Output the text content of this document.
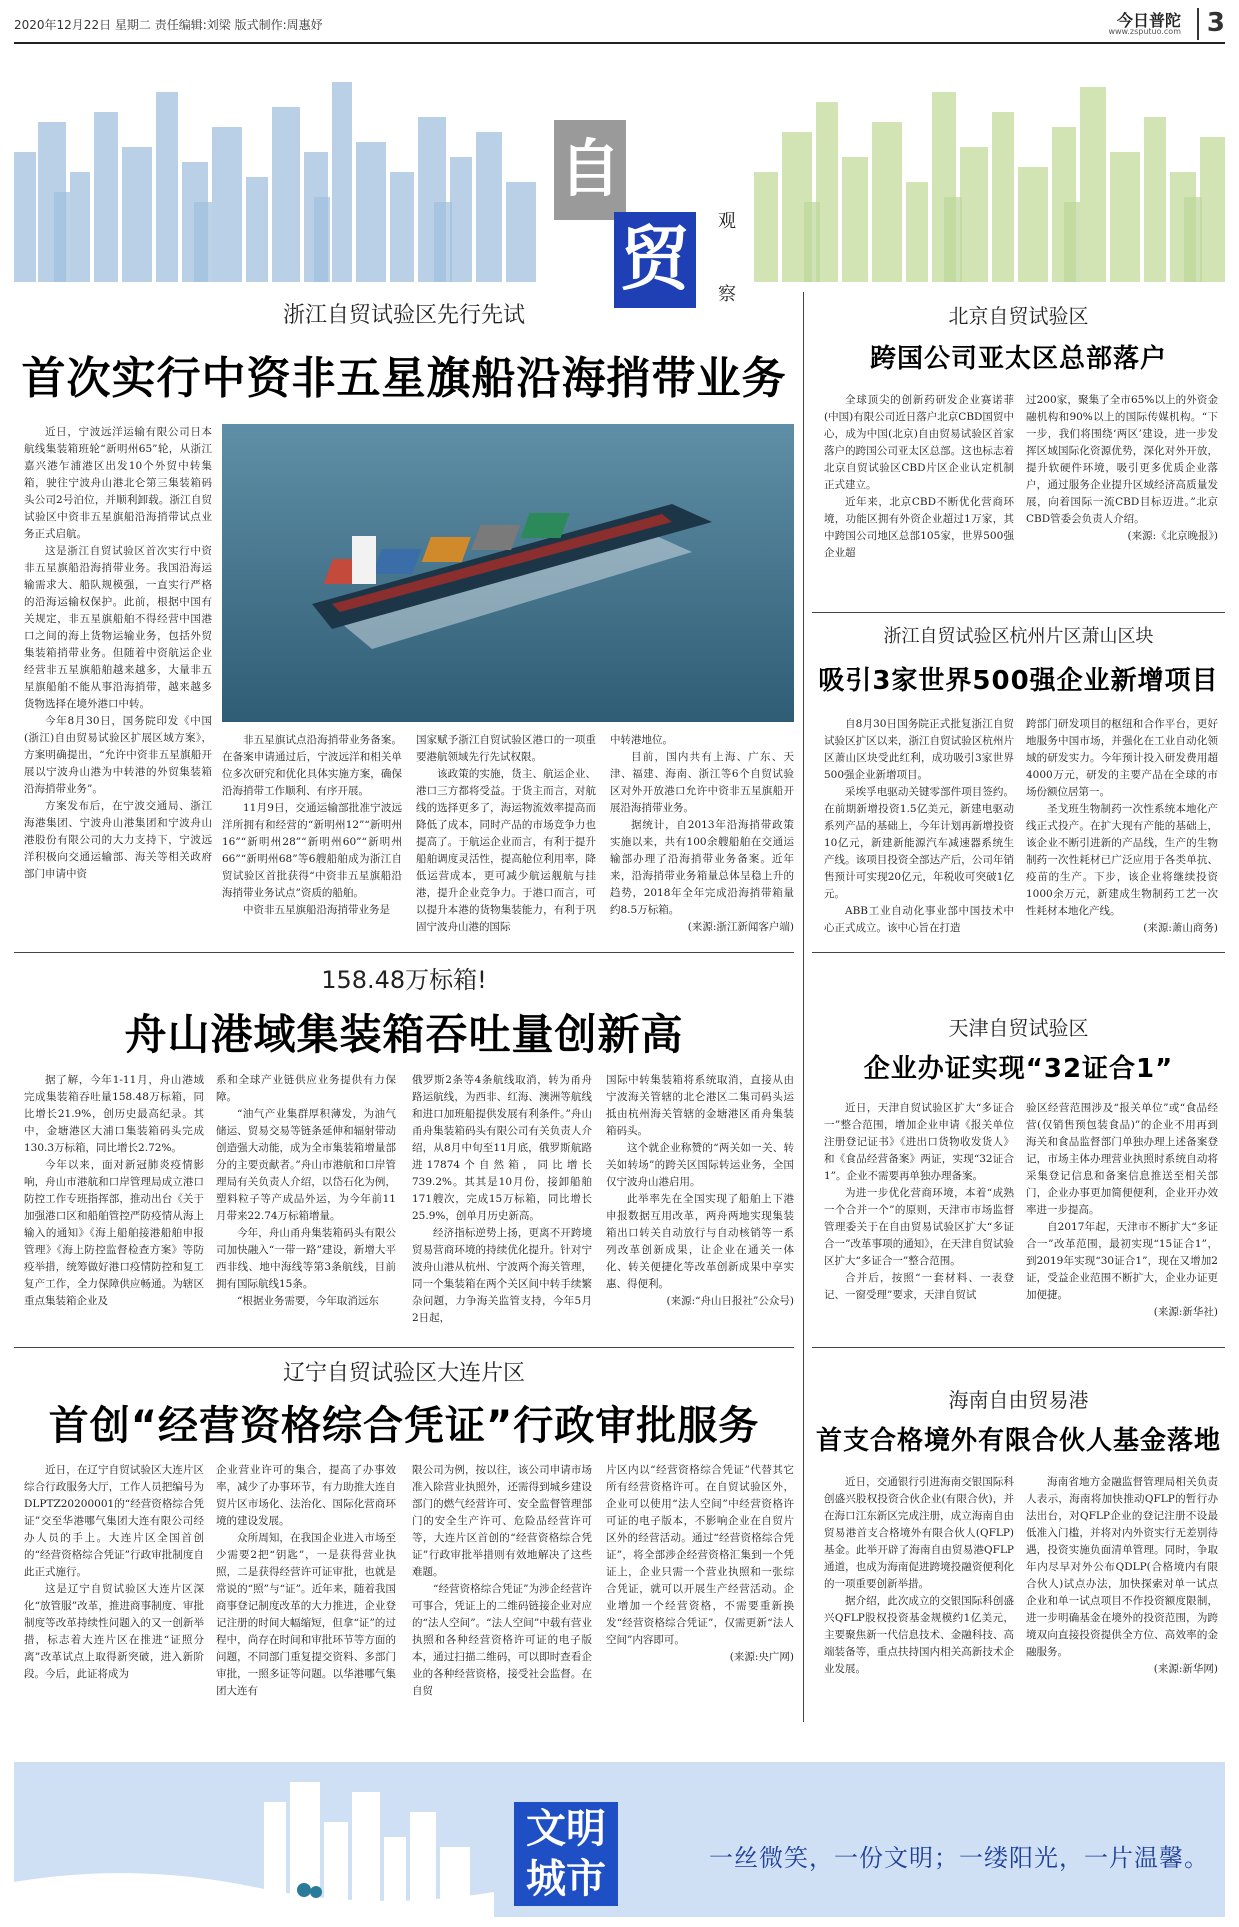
2020年12月22日 星期二 责任编辑:刘梁 版式制作:周惠妤	今日普陀
www.zsputuo.com 3
自
贸	观
察
浙江自贸试验区先行先试
首次实行中资非五星旗船沿海捎带业务

近日，宁波远洋运输有限公司日本航线集装箱班轮“新明州65”轮，从浙江嘉兴港乍浦港区出发10个外贸中转集箱，驶往宁波舟山港北仑第三集装箱码头公司2号泊位，并顺利卸载。浙江自贸试验区中资非五星旗船沿海捎带试点业务正式启航。

这是浙江自贸试验区首次实行中资非五星旗船沿海捎带业务。我国沿海运输需求大、船队规模强，一直实行严格的沿海运输权保护。此前，根据中国有关规定，非五星旗船舶不得经营中国港口之间的海上货物运输业务，包括外贸集装箱捎带业务。但随着中资航运企业经营非五星旗船舶越来越多，大量非五星旗船舶不能从事沿海捎带，越来越多货物选择在境外港口中转。

今年8月30日，国务院印发《中国(浙江)自由贸易试验区扩展区域方案》，方案明确提出，“允许中资非五星旗船开展以宁波舟山港为中转港的外贸集装箱沿海捎带业务”。

方案发布后，在宁波交通局、浙江海港集团、宁波舟山港集团和宁波舟山港股份有限公司的大力支持下，宁波远洋积极向交通运输部、海关等相关政府部门申请中资

非五星旗试点沿海捎带业务备案。在备案申请通过后，宁波远洋和相关单位多次研究和优化具体实施方案，确保沿海捎带工作顺利、有序开展。

11月9日，交通运输部批准宁波远洋所拥有和经营的“新明州12”“新明州16”“新明州28”“新明州60”“新明州66”“新明州68”等6艘船舶成为浙江自贸试验区首批获得“中资非五星旗船沿海捎带业务试点”资质的船舶。

中资非五星旗船沿海捎带业务是

国家赋予浙江自贸试验区港口的一项重要港航领域先行先试权限。

该政策的实施，货主、航运企业、港口三方都将受益。于货主而言，对航线的选择更多了，海运物流效率提高而降低了成本，同时产品的市场竞争力也提高了。于航运企业而言，有利于提升船舶调度灵活性，提高舱位利用率，降低运营成本，更可减少航运舰航与挂港，提升企业竞争力。于港口而言，可以提升本港的货物集装能力，有利于巩固宁波舟山港的国际

中转港地位。

目前，国内共有上海、广东、天津、福建、海南、浙江等6个自贸试验区对外开放港口允许中资非五星旗船开展沿海捎带业务。

据统计，自2013年沿海捎带政策实施以来，共有100余艘船舶在交通运输部办理了沿海捎带业务备案。近年来，沿海捎带业务箱量总体呈稳上升的趋势，2018年全年完成沿海捎带箱量约8.5万标箱。

(来源:浙江新闻客户端)

北京自贸试验区
跨国公司亚太区总部落户

全球顶尖的创新药研发企业赛诺菲(中国)有限公司近日落户北京CBD国贸中心，成为中国(北京)自由贸易试验区首家落户的跨国公司亚太区总部。这也标志着北京自贸试验区CBD片区企业认定机制正式建立。

近年来，北京CBD不断优化营商环境，功能区拥有外资企业超过1万家，其中跨国公司地区总部105家，世界500强企业超

过200家，聚集了全市65%以上的外资金融机构和90%以上的国际传媒机构。“下一步，我们将围绕‘两区’建设，进一步发挥区域国际化资源优势，深化对外开放，提升软硬件环境，吸引更多优质企业落户，通过服务企业提升区域经济高质量发展，向着国际一流CBD目标迈进。”北京CBD管委会负责人介绍。

(来源:《北京晚报》)

浙江自贸试验区杭州片区萧山区块
吸引3家世界500强企业新增项目

自8月30日国务院正式批复浙江自贸试验区扩区以来，浙江自贸试验区杭州片区萧山区块受此红利，成功吸引3家世界500强企业新增项目。

采埃孚电驱动关键零部件项目签约。在前期新增投资1.5亿美元，新建电驱动系列产品的基础上，今年计划再新增投资10亿元，新建新能源汽车减速器系统生产线。该项目投资全部达产后，公司年销售预计可实现20亿元，年税收可突破1亿元。

ABB工业自动化事业部中国技术中心正式成立。该中心旨在打造

跨部门研发项目的枢纽和合作平台，更好地服务中国市场，并强化在工业自动化领域的研发实力。今年预计投入研发费用超4000万元，研发的主要产品在全球的市场份额位居第一。

圣戈班生物制药一次性系统本地化产线正式投产。在扩大现有产能的基础上，该企业不断引进新的产品线，生产的生物制药一次性耗材已广泛应用于各类单抗、疫苗的生产。下步，该企业将继续投资1000余万元，新建成生物制药工艺一次性耗材本地化产线。

(来源:萧山商务)

158.48万标箱!
舟山港域集装箱吞吐量创新高

据了解，今年1-11月，舟山港域完成集装箱吞吐量158.48万标箱，同比增长21.9%，创历史最高纪录。其中，金塘港区大浦口集装箱码头完成130.3万标箱，同比增长2.72%。

今年以来，面对新冠肺炎疫情影响，舟山市港航和口岸管理局成立港口防控工作专班指挥部，推动出台《关于加强港口区和船舶管控严防疫情从海上输入的通知》《海上船舶接港船舶申报管理》《海上防控监督检查方案》等防疫举措，统筹做好港口疫情防控和复工复产工作，全力保障供应畅通。为辖区重点集装箱企业及

系和全球产业链供应业务提供有力保障。

“油气产业集群厚积薄发，为油气储运、贸易交易等链条延伸和辐射带动创造强大动能，成为全市集装箱增量部分的主要贡献者。”舟山市港航和口岸管理局有关负责人介绍，以岱石化为例，塑料粒子等产成品外运，为今年前11月带来22.74万标箱增量。

今年，舟山甬舟集装箱码头有限公司加快融入“一带一路”建设，新增大平西非线、地中海线等第3条航线，目前拥有国际航线15条。

“根据业务需要，今年取消远东

俄罗斯2条等4条航线取消，转为甬舟路运航线，为西非、红海、澳洲等航线和进口加班船提供发展有利条件。”舟山甬舟集装箱码头有限公司有关负责人介绍，从8月中旬至11月底，俄罗斯航路进17874个自然箱，同比增长739.2%。其其是10月份，接卸船舶171艘次，完成15万标箱，同比增长25.9%，创单月历史新高。

经济指标逆势上扬，更离不开跨境贸易营商环境的持续优化提升。针对宁波舟山港从杭州、宁波两个海关管理，同一个集装箱在两个关区间中转手续繁杂问题，力争海关监管支持，今年5月2日起，

国际中转集装箱将系统取消，直接从由宁波海关管辖的北仑港区二集司码头运抵由杭州海关管辖的金塘港区甬舟集装箱码头。

这个就企业称赞的“两关如一关、转关如转场”的跨关区国际转运业务，全国仅宁波舟山港启用。

此举率先在全国实现了船舶上下港申报数据互用改革，两舟两地实现集装箱出口转关自动放行与自动核销等一系列改革创新成果，让企业在通关一体化、转关便捷化等改革创新成果中享实惠、得便利。

(来源:“舟山日报社”公众号)

天津自贸试验区
企业办证实现“32证合1”

近日，天津自贸试验区扩大“多证合一”整合范围，增加企业申请《报关单位注册登记证书》《进出口货物收发货人》和《食品经营备案》两证，实现“32证合1”。企业不需要再单独办理备案。

为进一步优化营商环境，本着“成熟一个合并一个”的原则，天津市市场监督管理委关于在自由贸易试验区扩大“多证合一”改革事项的通知》，在天津自贸试验区扩大“多证合一”整合范围。

合并后，按照“一套材料、一表登记、一窗受理”要求，天津自贸试

验区经营范围涉及“报关单位”或“食品经营(仅销售预包装食品)”的企业不用再到海关和食品监督部门单独办理上述备案登记，市场主体办理营业执照时系统自动将采集登记信息和备案信息推送至相关部门，企业办事更加简便便利，企业开办效率进一步提高。

自2017年起，天津市不断扩大“多证合一”改革范围，最初实现“15证合1”，到2019年实现“30证合1”，现在又增加2证，受益企业范围不断扩大，企业办证更加便捷。

(来源:新华社)

辽宁自贸试验区大连片区
首创“经营资格综合凭证”行政审批服务

近日，在辽宁自贸试验区大连片区综合行政服务大厅，工作人员把编号为DLPTZ20200001的“经营资格综合凭证”交至华港哪气集团大连有限公司经办人员的手上。大连片区全国首创的“经营资格综合凭证”行政审批制度自此正式施行。

这是辽宁自贸试验区大连片区深化“放管服”改革，推进商事制度、审批制度等改革持续性问题入的又一创新举措，标志着大连片区在推进“证照分离”改革试点上取得新突破，进入新阶段。今后，此证将成为

企业营业许可的集合，提高了办事效率，减少了办事环节，有力助推大连自贸片区市场化、法治化、国际化营商环境的建设发展。

众所周知，在我国企业进入市场至少需要2把“钥匙”，一是获得营业执照，二是获得经营许可证审批，也就是常说的“照”与“证”。近年来，随着我国商事登记制度改革的大力推进，企业登记注册的时间大幅缩短，但拿“证”的过程中，尚存在时间和审批环节等方面的问题，不同部门重复提交资料、多部门审批，一照多证等问题。以华港哪气集团大连有

限公司为例，按以往，该公司申请市场准入除营业执照外，还需得到城乡建设部门的燃气经营许可、安全监督管理部门的安全生产许可、危险品经营许可等，大连片区首创的“经营资格综合凭证”行政审批举措则有效地解决了这些难题。

“经营资格综合凭证”为涉企经营许可事合，凭证上的二维码链接企业对应的“法人空间”。“法人空间”中载有营业执照和各种经营资格许可证的电子版本，通过扫描二维码，可以即时查看企业的各种经营资格，接受社会监督。在自贸

片区内以“经营资格综合凭证”代替其它所有经营资格许可。在自贸试验区外，企业可以使用“法人空间”中经营资格许可证的电子版本，不影响企业在自贸片区外的经营活动。通过“经营资格综合凭证”，将全部涉企经营资格汇集到一个凭证上，企业只需一个营业执照和一张综合凭证，就可以开展生产经营活动。企业增加一个经营资格，不需要重新换发“经营资格综合凭证”，仅需更新“法人空间”内容即可。

(来源:央广网)

海南自由贸易港
首支合格境外有限合伙人基金落地

近日，交通银行引进海南交银国际科创盛兴股权投资合伙企业(有限合伙)，并在海口江东新区完成注册，成立海南自由贸易港首支合格境外有限合伙人(QFLP)基金。此举开辟了海南自由贸易港QFLP通道，也成为海南促进跨境投融资便利化的一项重要创新举措。

据介绍，此次成立的交银国际科创盛兴QFLP股权投资基金规模约1亿美元，主要聚焦新一代信息技术、金融科技、高端装备等，重点扶持国内相关高新技术企业发展。

海南省地方金融监督管理局相关负责人表示，海南将加快推动QFLP的暂行办法出台，对QFLP企业的登记注册不设最低准入门槛，并将对内外资实行无差别待遇，投资实施负面清单管理。同时，争取年内尽早对外公布QDLP(合格境内有限合伙人)试点办法，加快探索对单一试点企业和单一试点项目不作投资额度限制，进一步明确基金在境外的投资范围，为跨境双向直接投资提供全方位、高效率的金融服务。

(来源:新华网)

文明
城市	一丝微笑，一份文明；一缕阳光，一片温馨。
